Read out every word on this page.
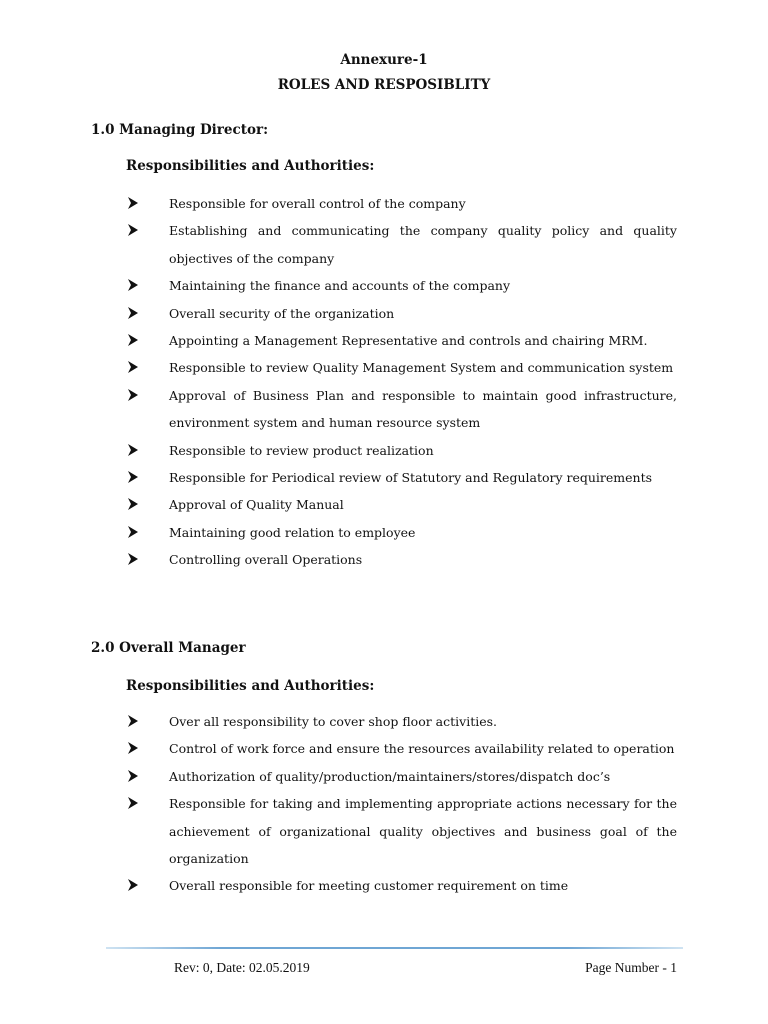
Annexure-1
ROLES AND RESPOSIBLITY
1.0 Managing Director:
Responsibilities and Authorities:
Responsible for overall control of the company
Establishing and communicating the company quality policy and quality objectives of the company
Maintaining the finance and accounts of the company
Overall security of the organization
Appointing a Management Representative and controls and chairing MRM.
Responsible to review Quality Management System and communication system
Approval of Business Plan and responsible to maintain good infrastructure, environment system and human resource system
Responsible to review product realization
Responsible for Periodical review of Statutory and Regulatory requirements
Approval of Quality Manual
Maintaining good relation to employee
Controlling overall Operations
2.0 Overall Manager
Responsibilities and Authorities:
Over all responsibility to cover shop floor activities.
Control of work force and ensure the resources availability related to operation
Authorization of quality/production/maintainers/stores/dispatch doc’s
Responsible for taking and implementing appropriate actions necessary for the achievement of organizational quality objectives and business goal of the organization
Overall responsible for meeting customer requirement on time
Rev: 0, Date: 02.05.2019	Page Number - 1
